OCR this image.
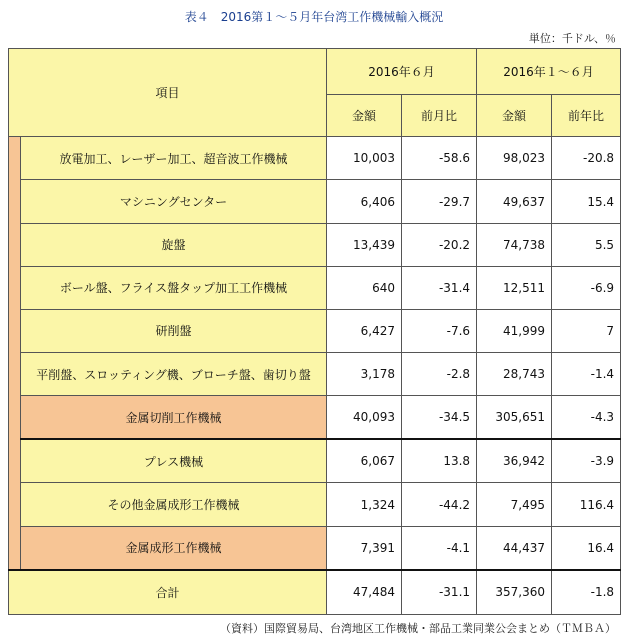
表４　2016第１～５月年台湾工作機械輸入概況
単位：千ドル、％
項目		2016年６月		2016年１～６月	
		金額	前月比	金額	前年比
	放電加工、レーザー加工、超音波工作機械	10,003	-58.6	98,023	-20.8
	マシニングセンター	6,406	-29.7	49,637	15.4
	旋盤	13,439	-20.2	74,738	5.5
	ボール盤、フライス盤タップ加工工作機械	640	-31.4	12,511	-6.9
	研削盤	6,427	-7.6	41,999	7
	平削盤、スロッティング機、ブローチ盤、歯切り盤	3,178	-2.8	28,743	-1.4
	金属切削工作機械	40,093	-34.5	305,651	-4.3
	プレス機械	6,067	13.8	36,942	-3.9
	その他金属成形工作機械	1,324	-44.2	7,495	116.4
	金属成形工作機械	7,391	-4.1	44,437	16.4
合計		47,484	-31.1	357,360	-1.8
（資料）国際貿易局、台湾地区工作機械・部品工業同業公会まとめ（ＴＭＢＡ）
